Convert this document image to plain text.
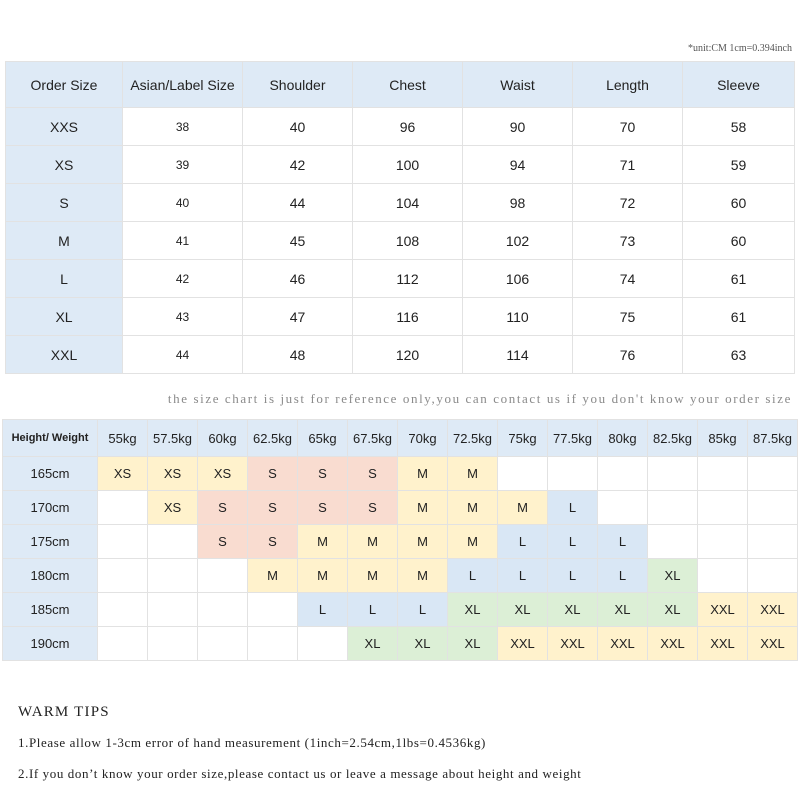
*unit:CM 1cm=0.394inch
Order Size	Asian/Label Size	Shoulder	Chest	Waist	Length	Sleeve
XXS	38	40	96	90	70	58
XS	39	42	100	94	71	59
S	40	44	104	98	72	60
M	41	45	108	102	73	60
L	42	46	112	106	74	61
XL	43	47	116	110	75	61
XXL	44	48	120	114	76	63
the size chart is just for reference only,you can contact us if you don't know your order size
Height/ Weight	55kg	57.5kg	60kg	62.5kg	65kg	67.5kg	70kg	72.5kg	75kg	77.5kg	80kg	82.5kg	85kg	87.5kg
165cm	XS	XS	XS	S	S	S	M	M						
170cm		XS	S	S	S	S	M	M	M	L				
175cm			S	S	M	M	M	M	L	L	L			
180cm				M	M	M	M	L	L	L	L	XL		
185cm					L	L	L	XL	XL	XL	XL	XL	XXL	XXL
190cm						XL	XL	XL	XXL	XXL	XXL	XXL	XXL	XXL
WARM TIPS
1.Please allow 1-3cm error of hand measurement (1inch=2.54cm,1lbs=0.4536kg)
2.If you don’t know your order size,please contact us or leave a message about height and weight
